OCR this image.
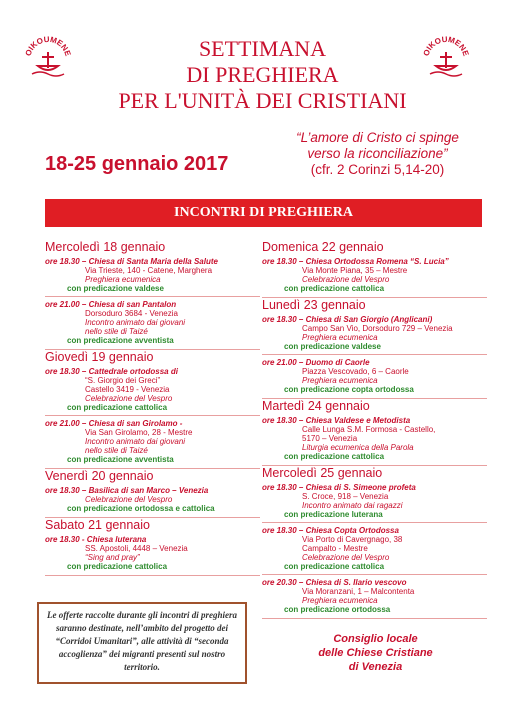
OIKOUMENE	OIKOUMENE
SETTIMANA
DI PREGHIERA
PER L'UNITÀ DEI CRISTIANI
18-25 gennaio 2017
“L’amore di Cristo ci spinge
verso la riconciliazione”
(cfr. 2 Corinzi 5,14-20)
INCONTRI DI PREGHIERA
Mercoledì 18 gennaio
ore 18.30 – Chiesa di Santa Maria della Salute
Via Trieste, 140 - Catene, Marghera
Preghiera ecumenica
con predicazione valdese
ore 21.00 – Chiesa di san Pantalon
Dorsoduro 3684 - Venezia
Incontro animato dai giovani
nello stile di Taizé
con predicazione avventista
Giovedì 19 gennaio
ore 18.30 – Cattedrale ortodossa di
“S. Giorgio dei Greci”
Castello 3419 - Venezia
Celebrazione del Vespro
con predicazione cattolica
ore 21.00 – Chiesa di san Girolamo -
Via San Girolamo, 28 - Mestre
Incontro animato dai giovani
nello stile di Taizé
con predicazione avventista
Venerdì 20 gennaio
ore 18.30 – Basilica di san Marco – Venezia
Celebrazione del Vespro
con predicazione ortodossa e cattolica
Sabato 21 gennaio
ore 18.30 - Chiesa luterana
SS. Apostoli, 4448 – Venezia
“Sing and pray”
con predicazione cattolica
Domenica 22 gennaio
ore 18.30 – Chiesa Ortodossa Romena “S. Lucia”
Via Monte Piana, 35 – Mestre
Celebrazione del Vespro
con predicazione cattolica
Lunedì 23 gennaio
ore 18.30 – Chiesa di San Giorgio (Anglicani)
Campo San Vio, Dorsoduro 729 – Venezia
Preghiera ecumenica
con predicazione valdese
ore 21.00 – Duomo di Caorle
Piazza Vescovado, 6 – Caorle
Preghiera ecumenica
con predicazione copta ortodossa
Martedì 24 gennaio
ore 18.30 – Chiesa Valdese e Metodista
Calle Lunga S.M. Formosa - Castello,
5170 – Venezia
Liturgia ecumenica della Parola
con predicazione cattolica
Mercoledì 25 gennaio
ore 18.30 – Chiesa di S. Simeone profeta
S. Croce, 918 – Venezia
Incontro animato dai ragazzi
con predicazione luterana
ore 18.30 – Chiesa Copta Ortodossa
Via Porto di Cavergnago, 38
Campalto - Mestre
Celebrazione del Vespro
con predicazione cattolica
ore 20.30 – Chiesa di S. Ilario vescovo
Via Moranzani, 1 – Malcontenta
Preghiera ecumenica
con predicazione ortodossa
Le offerte raccolte durante gli incontri di preghiera saranno destinate, nell’ambito del progetto dei “Corridoi Umanitari”, alle attività di “seconda accoglienza” dei migranti presenti sul nostro territorio.
Consiglio locale
delle Chiese Cristiane
di Venezia
